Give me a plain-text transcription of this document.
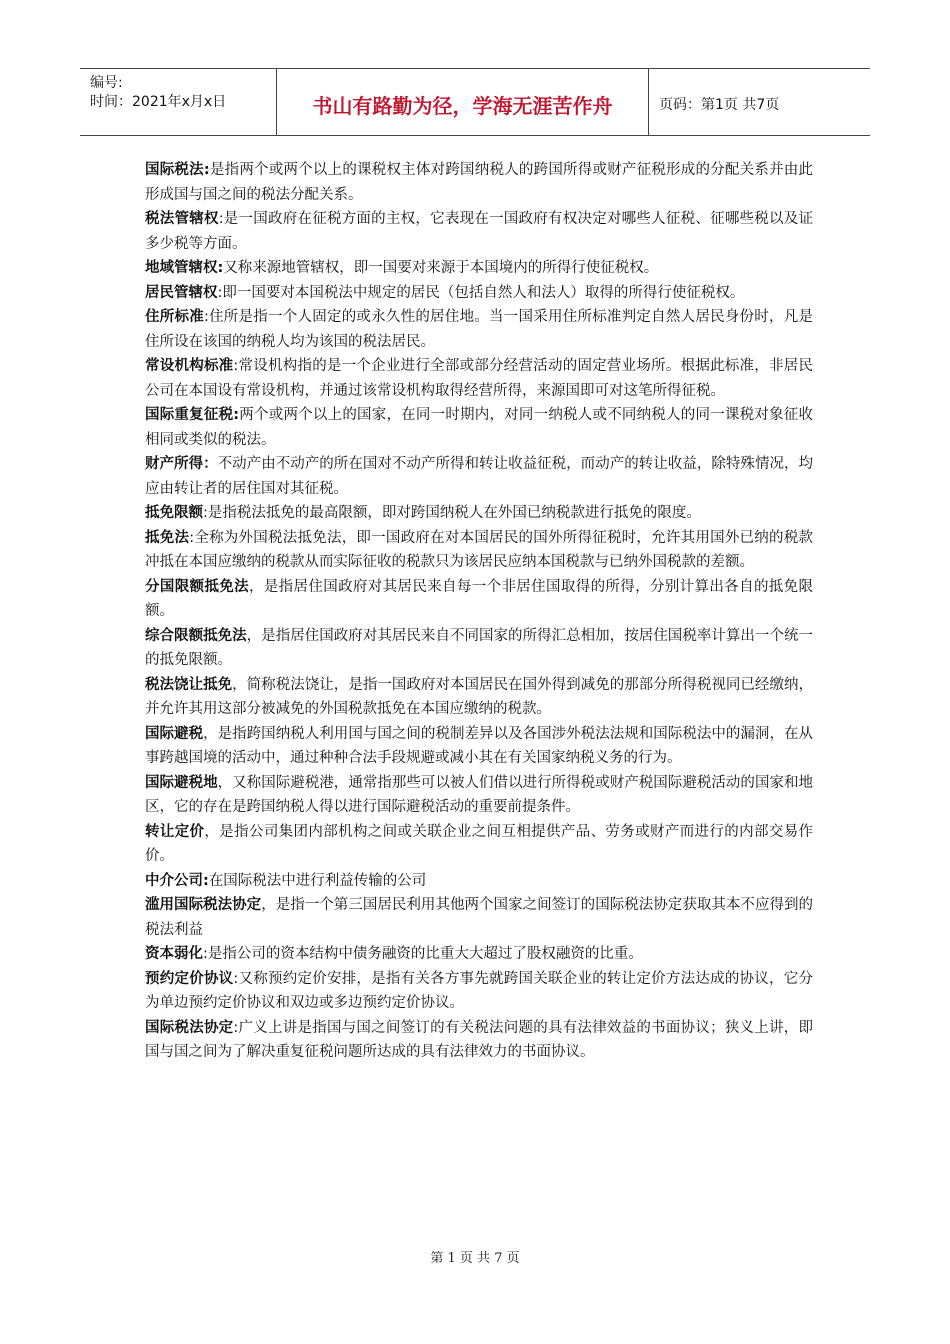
编号:
时间：2021年x月x日	书山有路勤为径，学海无涯苦作舟	页码：第1页 共7页

国际税法:是指两个或两个以上的课税权主体对跨国纳税人的跨国所得或财产征税形成的分配关系并由此形成国与国之间的税法分配关系。

税法管辖权:是一国政府在征税方面的主权，它表现在一国政府有权决定对哪些人征税、征哪些税以及证多少税等方面。

地域管辖权:又称来源地管辖权，即一国要对来源于本国境内的所得行使征税权。

居民管辖权:即一国要对本国税法中规定的居民（包括自然人和法人）取得的所得行使征税权。

住所标准:住所是指一个人固定的或永久性的居住地。当一国采用住所标准判定自然人居民身份时，凡是住所设在该国的纳税人均为该国的税法居民。

常设机构标准:常设机构指的是一个企业进行全部或部分经营活动的固定营业场所。根据此标准，非居民公司在本国设有常设机构，并通过该常设机构取得经营所得，来源国即可对这笔所得征税。

国际重复征税:两个或两个以上的国家，在同一时期内，对同一纳税人或不同纳税人的同一课税对象征收相同或类似的税法。

财产所得：不动产由不动产的所在国对不动产所得和转让收益征税，而动产的转让收益，除特殊情况，均应由转让者的居住国对其征税。

抵免限额:是指税法抵免的最高限额，即对跨国纳税人在外国已纳税款进行抵免的限度。

抵免法:全称为外国税法抵免法，即一国政府在对本国居民的国外所得征税时，允许其用国外已纳的税款冲抵在本国应缴纳的税款从而实际征收的税款只为该居民应纳本国税款与已纳外国税款的差额。

分国限额抵免法，是指居住国政府对其居民来自每一个非居住国取得的所得，分别计算出各自的抵免限额。

综合限额抵免法，是指居住国政府对其居民来自不同国家的所得汇总相加，按居住国税率计算出一个统一的抵免限额。

税法饶让抵免，简称税法饶让，是指一国政府对本国居民在国外得到减免的那部分所得税视同已经缴纳，并允许其用这部分被减免的外国税款抵免在本国应缴纳的税款。

国际避税，是指跨国纳税人利用国与国之间的税制差异以及各国涉外税法法规和国际税法中的漏洞，在从事跨越国境的活动中，通过种种合法手段规避或减小其在有关国家纳税义务的行为。

国际避税地，又称国际避税港，通常指那些可以被人们借以进行所得税或财产税国际避税活动的国家和地区，它的存在是跨国纳税人得以进行国际避税活动的重要前提条件。

转让定价，是指公司集团内部机构之间或关联企业之间互相提供产品、劳务或财产而进行的内部交易作价。

中介公司:在国际税法中进行利益传输的公司

滥用国际税法协定，是指一个第三国居民利用其他两个国家之间签订的国际税法协定获取其本不应得到的税法利益

资本弱化:是指公司的资本结构中债务融资的比重大大超过了股权融资的比重。

预约定价协议:又称预约定价安排，是指有关各方事先就跨国关联企业的转让定价方法达成的协议，它分为单边预约定价协议和双边或多边预约定价协议。

国际税法协定:广义上讲是指国与国之间签订的有关税法问题的具有法律效益的书面协议；狭义上讲，即国与国之间为了解决重复征税问题所达成的具有法律效力的书面协议。

第 1 页 共 7 页
